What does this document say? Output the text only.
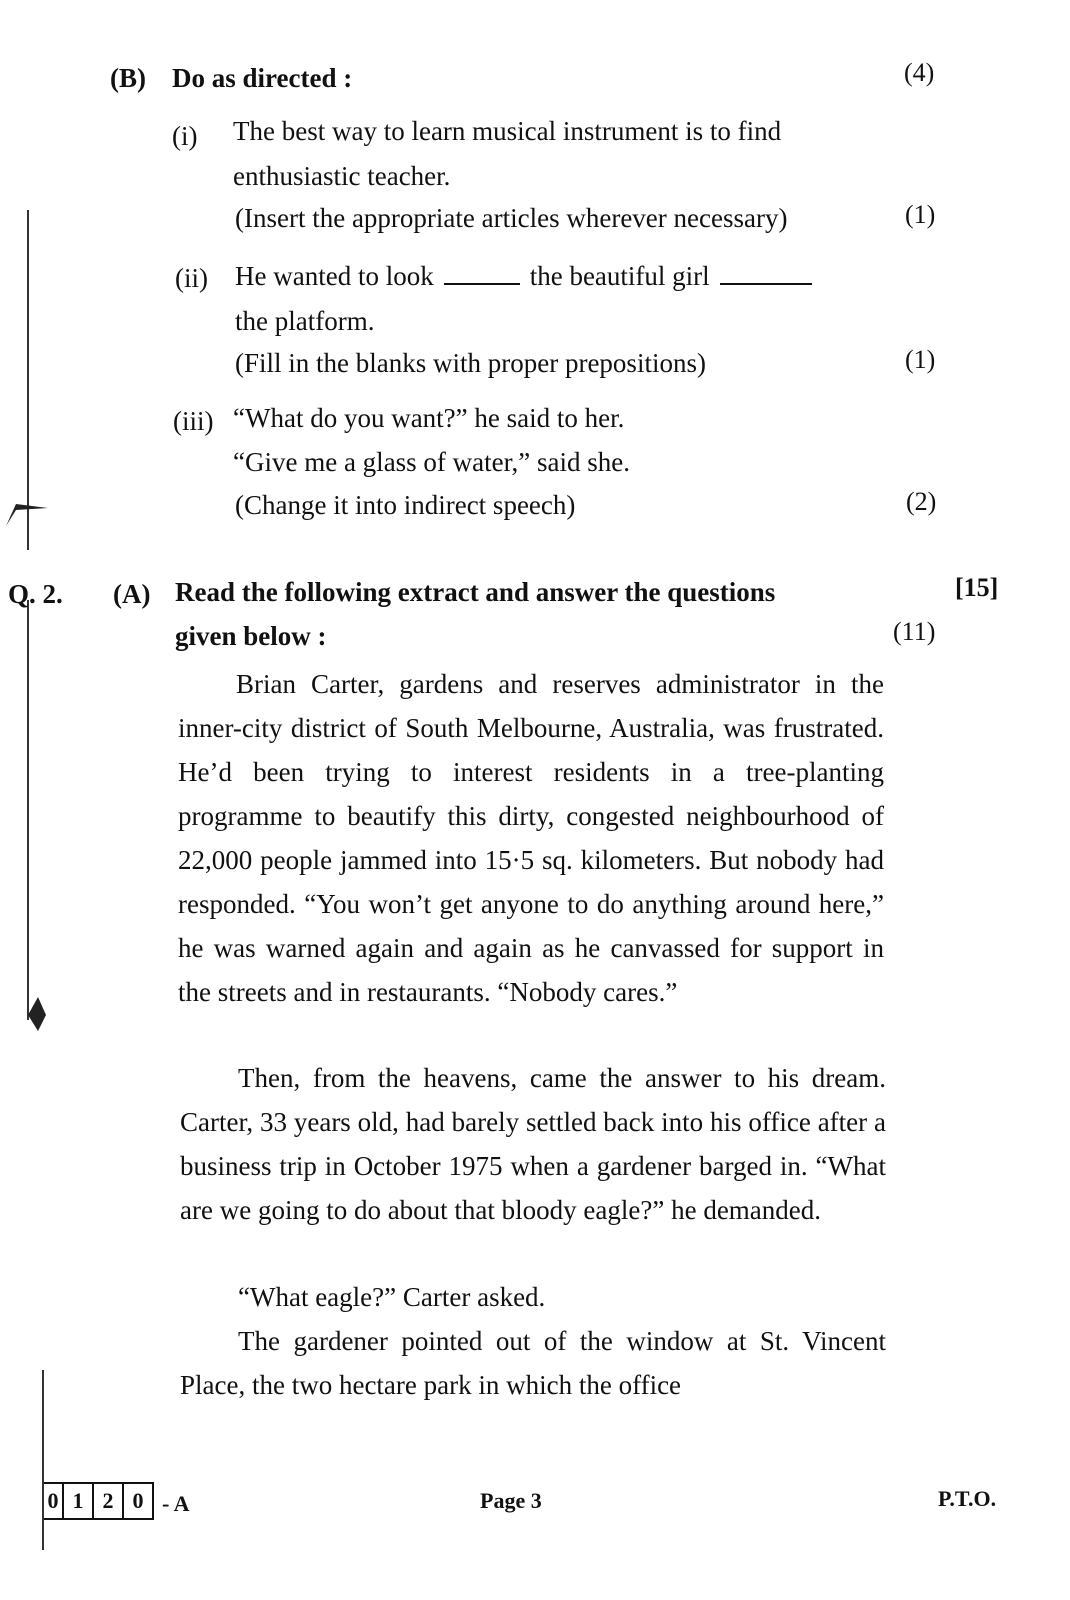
(B) Do as directed :	(4)
(i) The best way to learn musical instrument is to find
enthusiastic teacher.
(Insert the appropriate articles wherever necessary)	(1)
(ii) He wanted to look	the beautiful girl
the platform.
(Fill in the blanks with proper prepositions)	(1)
(iii) “What do you want?” he said to her.
“Give me a glass of water,” said she.
(Change it into indirect speech)	(2)
Q. 2. (A) Read the following extract and answer the questions
given below :
[15]
(11)
Brian Carter, gardens and reserves administrator in the inner-city district of South Melbourne, Australia, was frustrated. He’d been trying to interest residents in a tree-planting programme to beautify this dirty, congested neighbourhood of 22,000 people jammed into 15·5 sq. kilometers. But nobody had responded. “You won’t get anyone to do anything around here,” he was warned again and again as he canvassed for support in the streets and in restaurants. “Nobody cares.”
Then, from the heavens, came the answer to his dream. Carter, 33 years old, had barely settled back into his office after a business trip in October 1975 when a gardener barged in. “What are we going to do about that bloody eagle?” he demanded.
“What eagle?” Carter asked.
The gardener pointed out of the window at St. Vincent Place, the two hectare park in which the office
0 1 2 0 - A	Page 3	P.T.O.
